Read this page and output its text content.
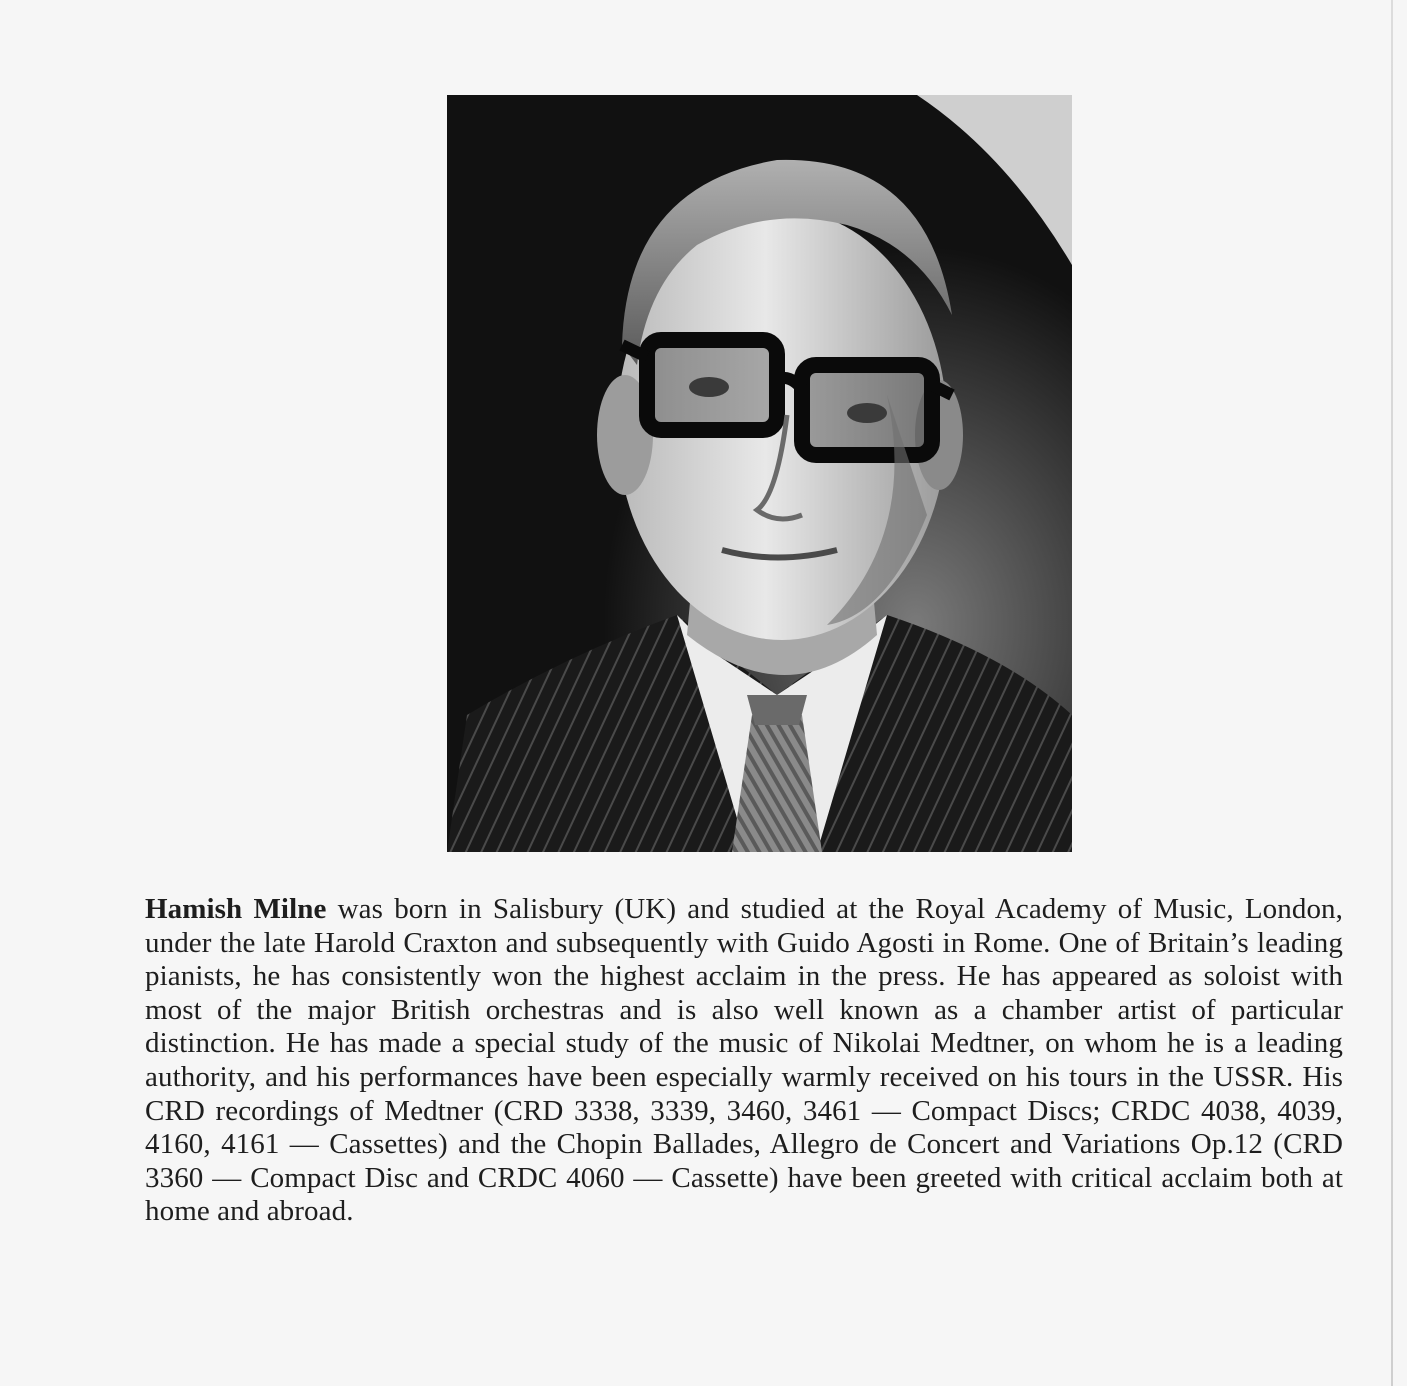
Hamish Milne was born in Salisbury (UK) and studied at the Royal Academy of Music, London, under the late Harold Craxton and subsequently with Guido Agosti in Rome. One of Britain’s leading pianists, he has consistently won the highest acclaim in the press. He has appeared as soloist with most of the major British orchestras and is also well known as a chamber artist of particular distinction. He has made a special study of the music of Nikolai Medtner, on whom he is a leading authority, and his performances have been especially warmly received on his tours in the USSR. His CRD recordings of Medtner (CRD 3338, 3339, 3460, 3461 — Compact Discs; CRDC 4038, 4039, 4160, 4161 — Cassettes) and the Chopin Ballades, Allegro de Concert and Variations Op.12 (CRD 3360 — Compact Disc and CRDC 4060 — Cassette) have been greeted with critical acclaim both at home and abroad.
